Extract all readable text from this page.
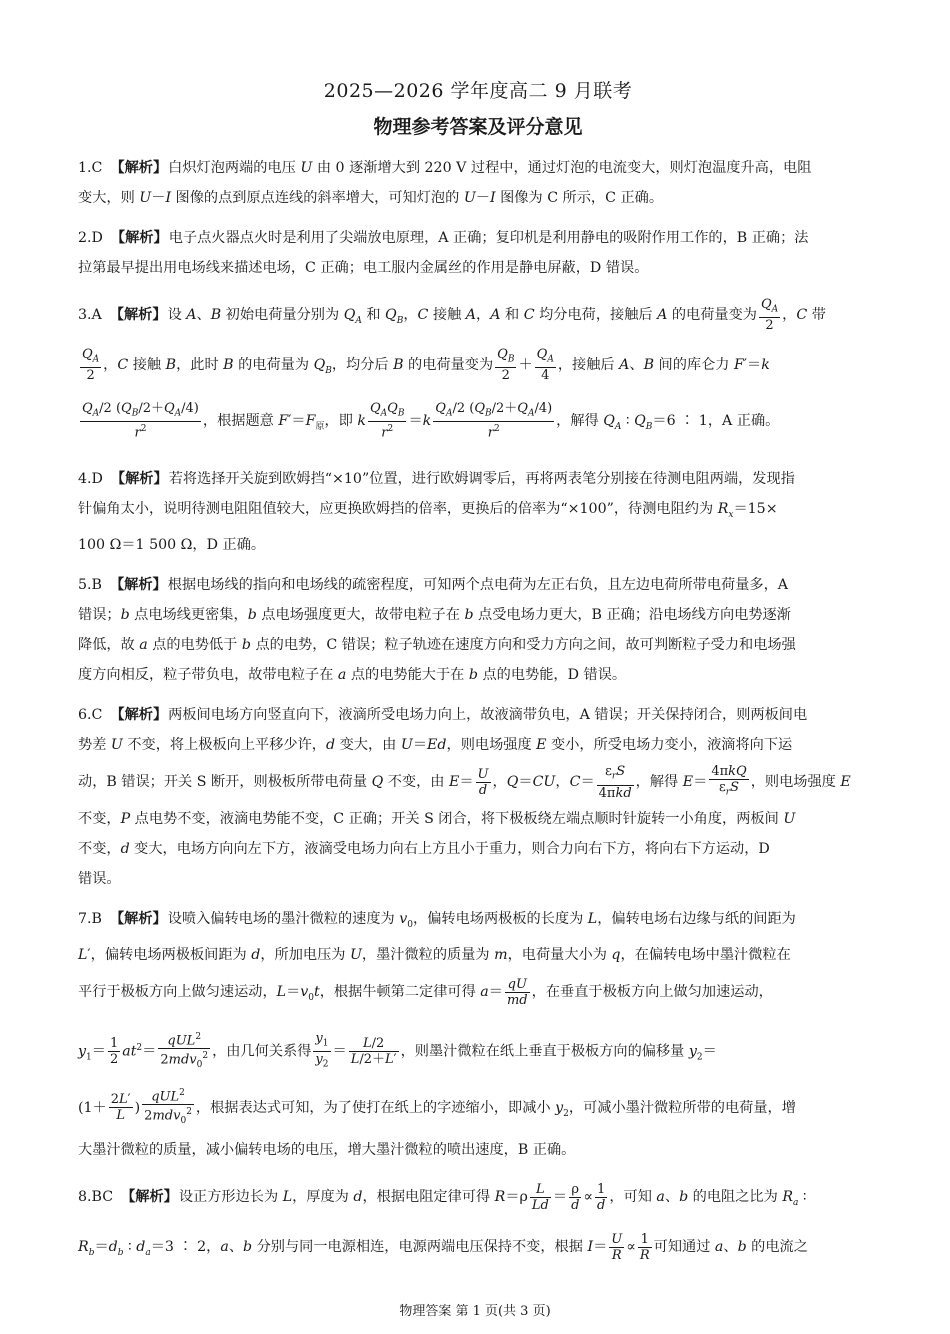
2025—2026 学年度高二 9 月联考
物理参考答案及评分意见
1.C 【解析】白炽灯泡两端的电压 U 由 0 逐渐增大到 220 V 过程中，通过灯泡的电流变大，则灯泡温度升高，电阻
变大，则 U－I 图像的点到原点连线的斜率增大，可知灯泡的 U－I 图像为 C 所示，C 正确。
2.D 【解析】电子点火器点火时是利用了尖端放电原理，A 正确；复印机是利用静电的吸附作用工作的，B 正确；法
拉第最早提出用电场线来描述电场，C 正确；电工服内金属丝的作用是静电屏蔽，D 错误。
3.A 【解析】设 A、B 初始电荷量分别为 $Q_A$ 和 $Q_B$，C 接触 A，A 和 C 均分电荷，接触后 A 的电荷量变为 $\frac{Q_A}{2}$ ，C 带
$\frac{Q_A}{2}$ ，C 接触 B，此时 B 的电荷量为 $Q_B$，均分后 B 的电荷量变为 $\frac{Q_B}{2} + \frac{Q_A}{4}$ ，接触后 A、B 间的库仑力 F′＝k
$\frac{Q_A/2 (Q_B/2+Q_A/4)}{r^2}$ ，根据题意 $F'=F_原$，即 k $\frac{Q_AQ_B}{r^2} =k \frac{Q_A/2 (Q_B/2+Q_A/4)}{r^2}$ ，解得 $Q_A$ ∶ $Q_B=6$ ∶ 1，A 正确。
4.D 【解析】若将选择开关旋到欧姆挡“×10”位置，进行欧姆调零后，再将两表笔分别接在待测电阻两端，发现指
针偏角太小，说明待测电阻阻值较大，应更换欧姆挡的倍率，更换后的倍率为“×100”，待测电阻约为 $R_x=15\times$
100 Ω＝1 500 Ω，D 正确。
5.B 【解析】根据电场线的指向和电场线的疏密程度，可知两个点电荷为左正右负，且左边电荷所带电荷量多，A
错误；b 点电场线更密集，b 点电场强度更大，故带电粒子在 b 点受电场力更大，B 正确；沿电场线方向电势逐渐
降低，故 a 点的电势低于 b 点的电势，C 错误；粒子轨迹在速度方向和受力方向之间，故可判断粒子受力和电场强
度方向相反，粒子带负电，故带电粒子在 a 点的电势能大于在 b 点的电势能，D 错误。
6.C 【解析】两板间电场方向竖直向下，液滴所受电场力向上，故液滴带负电，A 错误；开关保持闭合，则两板间电
势差 U 不变，将上极板向上平移少许，d 变大，由 U＝Ed，则电场强度 E 变小，所受电场力变小，液滴将向下运
动，B 错误；开关 S 断开，则极板所带电荷量 Q 不变，由 $E= \frac{U}{d}$ ，Q＝CU，$C= \frac{\varepsilon_rS}{\text{4πkd}}$ ，解得 $E= \frac{\text{4πkQ}}{\varepsilon_rS}$ ，则电场强度 E
不变，P 点电势不变，液滴电势能不变，C 正确；开关 S 闭合，将下极板绕左端点顺时针旋转一小角度，两板间 U
不变，d 变大，电场方向向左下方，液滴受电场力向右上方且小于重力，则合力向右下方，将向右下方运动，D
错误。
7.B 【解析】设喷入偏转电场的墨汁微粒的速度为 $v_0$，偏转电场两极板的长度为 L，偏转电场右边缘与纸的间距为
L′，偏转电场两极板间距为 d，所加电压为 U，墨汁微粒的质量为 m，电荷量大小为 q，在偏转电场中墨汁微粒在
平行于极板方向上做匀速运动，$L=v_0t$，根据牛顿第二定律可得 $a= \frac{qU}{md}$ ，在垂直于极板方向上做匀加速运动，
$y_1= \frac{1}{2} at^2= \frac{qUL^2}{2mdv_0^2}$ ，由几何关系得 $\frac{y_1}{y_2} = \frac{L/2}{L/2+L'}$ ，则墨汁微粒在纸上垂直于极板方向的偏移量 $y_2=$
($1+ \frac{2L'}{L}$ ) $\frac{qUL^2}{2mdv_0^2}$ ，根据表达式可知，为了使打在纸上的字迹缩小，即减小 $y_2$，可减小墨汁微粒所带的电荷量，增
大墨汁微粒的质量，减小偏转电场的电压，增大墨汁微粒的喷出速度，B 正确。
8.BC 【解析】设正方形边长为 L，厚度为 d，根据电阻定律可得 $R=\rho \frac{L}{Ld} = \frac{\rho}{d} \propto \frac{1}{d}$ ，可知 a、b 的电阻之比为 $R_a$ ∶
$R_b=d_b$ ∶ $d_a=3$ ∶ 2，a、b 分别与同一电源相连，电源两端电压保持不变，根据 $I= \frac{U}{R} \propto \frac{1}{R}$ 可知通过 a、b 的电流之
物理答案 第 1 页(共 3 页)
